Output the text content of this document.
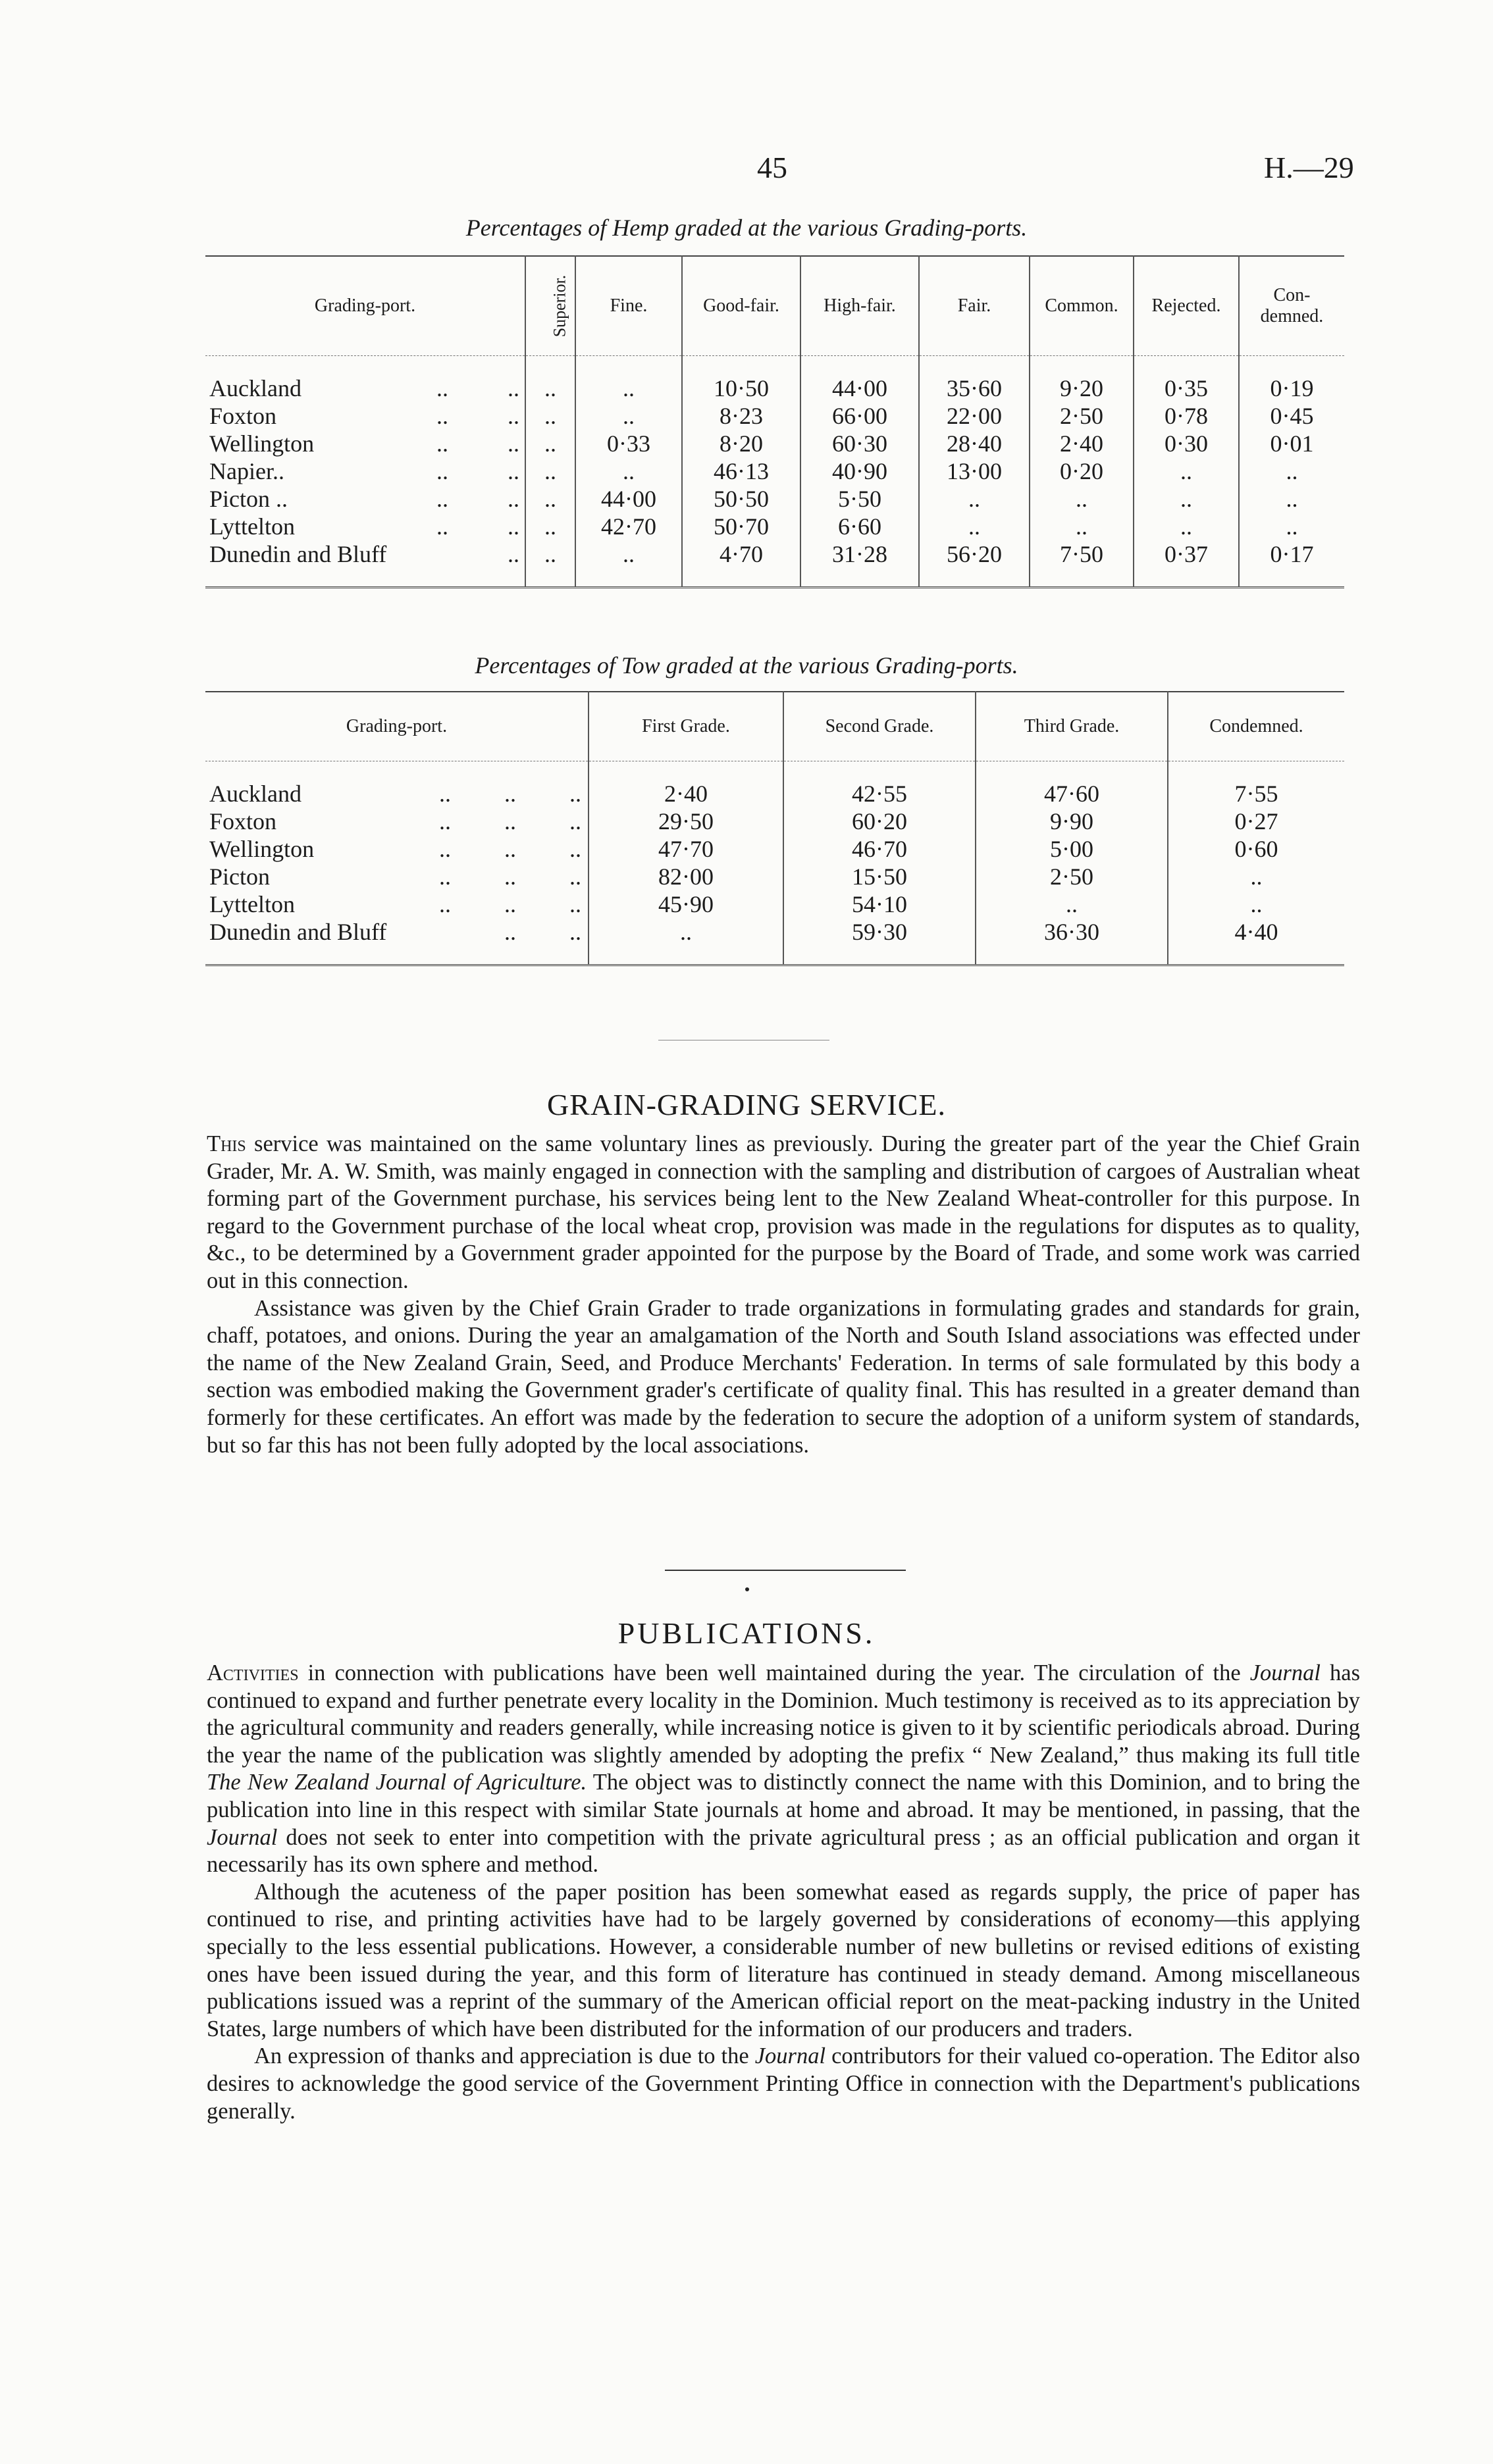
45	H.—29
Percentages of Hemp graded at the various Grading-ports.
Grading-port.	Superior.	Fine.	Good-fair.	High-fair.	Fair.	Common.	Rejected.	Con-demned.

Auckland ..          ..	..	..	10·50	44·00	35·60	9·20	0·35	0·19
Foxton ..          ..	..	..	8·23	66·00	22·00	2·50	0·78	0·45
Wellington ..          ..	..	0·33	8·20	60·30	28·40	2·40	0·30	0·01
Napier.. ..          ..	..	..	46·13	40·90	13·00	0·20	..	..
Picton .. ..          ..	..	44·00	50·50	5·50	..	..	..	..
Lyttelton ..          ..	..	42·70	50·70	6·60	..	..	..	..
Dunedin and Bluff ..	..	..	4·70	31·28	56·20	7·50	0·37	0·17

Percentages of Tow graded at the various Grading-ports.
Grading-port.	First Grade.	Second Grade.	Third Grade.	Condemned.

Auckland ..         ..         ..	2·40	42·55	47·60	7·55
Foxton ..         ..         ..	29·50	60·20	9·90	0·27
Wellington ..         ..         ..	47·70	46·70	5·00	0·60
Picton ..         ..         ..	82·00	15·50	2·50	..
Lyttelton ..         ..         ..	45·90	54·10	..	..
Dunedin and Bluff ..         ..	..	59·30	36·30	4·40

GRAIN-GRADING SERVICE.

This service was maintained on the same voluntary lines as previously. During the greater part of the year the Chief Grain Grader, Mr. A. W. Smith, was mainly engaged in connection with the sampling and distribution of cargoes of Australian wheat forming part of the Government purchase, his services being lent to the New Zealand Wheat-controller for this purpose. In regard to the Government purchase of the local wheat crop, provision was made in the regulations for disputes as to quality, &c., to be determined by a Government grader appointed for the purpose by the Board of Trade, and some work was carried out in this connection.

Assistance was given by the Chief Grain Grader to trade organizations in formulating grades and standards for grain, chaff, potatoes, and onions. During the year an amalgamation of the North and South Island associations was effected under the name of the New Zealand Grain, Seed, and Produce Merchants' Federation. In terms of sale formulated by this body a section was embodied making the Government grader's certificate of quality final. This has resulted in a greater demand than formerly for these certificates. An effort was made by the federation to secure the adoption of a uniform system of standards, but so far this has not been fully adopted by the local associations.

PUBLICATIONS.

Activities in connection with publications have been well maintained during the year. The circulation of the Journal has continued to expand and further penetrate every locality in the Dominion. Much testimony is received as to its appreciation by the agricultural community and readers generally, while increasing notice is given to it by scientific periodicals abroad. During the year the name of the publication was slightly amended by adopting the prefix “ New Zealand,” thus making its full title The New Zealand Journal of Agriculture. The object was to distinctly connect the name with this Dominion, and to bring the publication into line in this respect with similar State journals at home and abroad. It may be mentioned, in passing, that the Journal does not seek to enter into competition with the private agricultural press ; as an official publication and organ it necessarily has its own sphere and method.

Although the acuteness of the paper position has been somewhat eased as regards supply, the price of paper has continued to rise, and printing activities have had to be largely governed by considerations of economy—this applying specially to the less essential publications. However, a considerable number of new bulletins or revised editions of existing ones have been issued during the year, and this form of literature has continued in steady demand. Among miscellaneous publications issued was a reprint of the summary of the American official report on the meat-packing industry in the United States, large numbers of which have been distributed for the information of our producers and traders.

An expression of thanks and appreciation is due to the Journal contributors for their valued co-operation. The Editor also desires to acknowledge the good service of the Government Printing Office in connection with the Department's publications generally.
